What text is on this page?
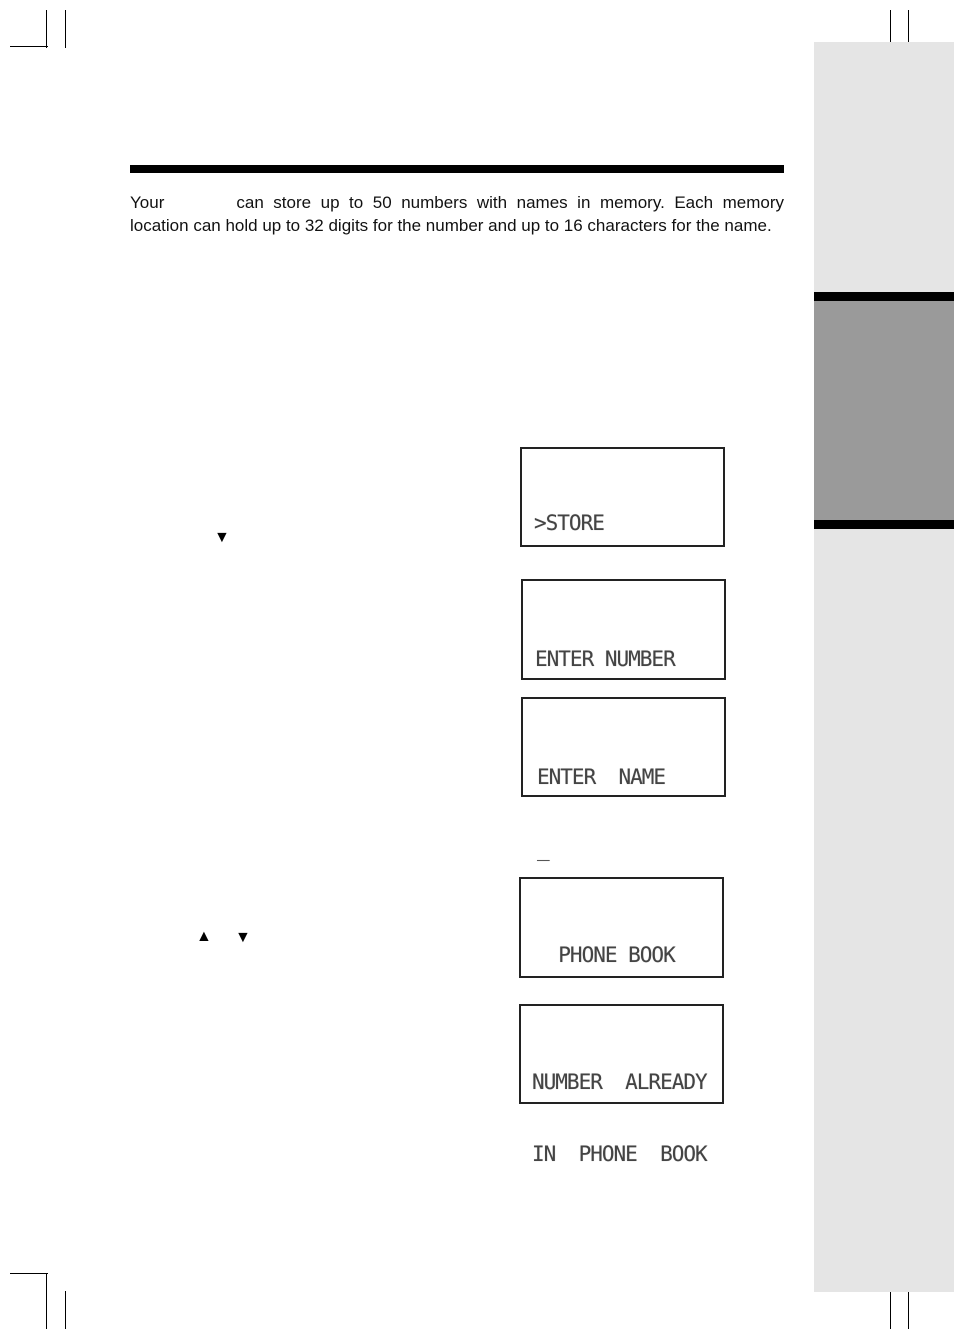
Your	can store up to 50 numbers with names in memory. Each memory location can hold up to 32 digits for the number and up to 16 characters for the name.

▼
▲ ▼

>STORE

ENTER NUMBER

ENTER  NAME

_

PHONE BOOK

NUMBER  ALREADY

IN  PHONE  BOOK
